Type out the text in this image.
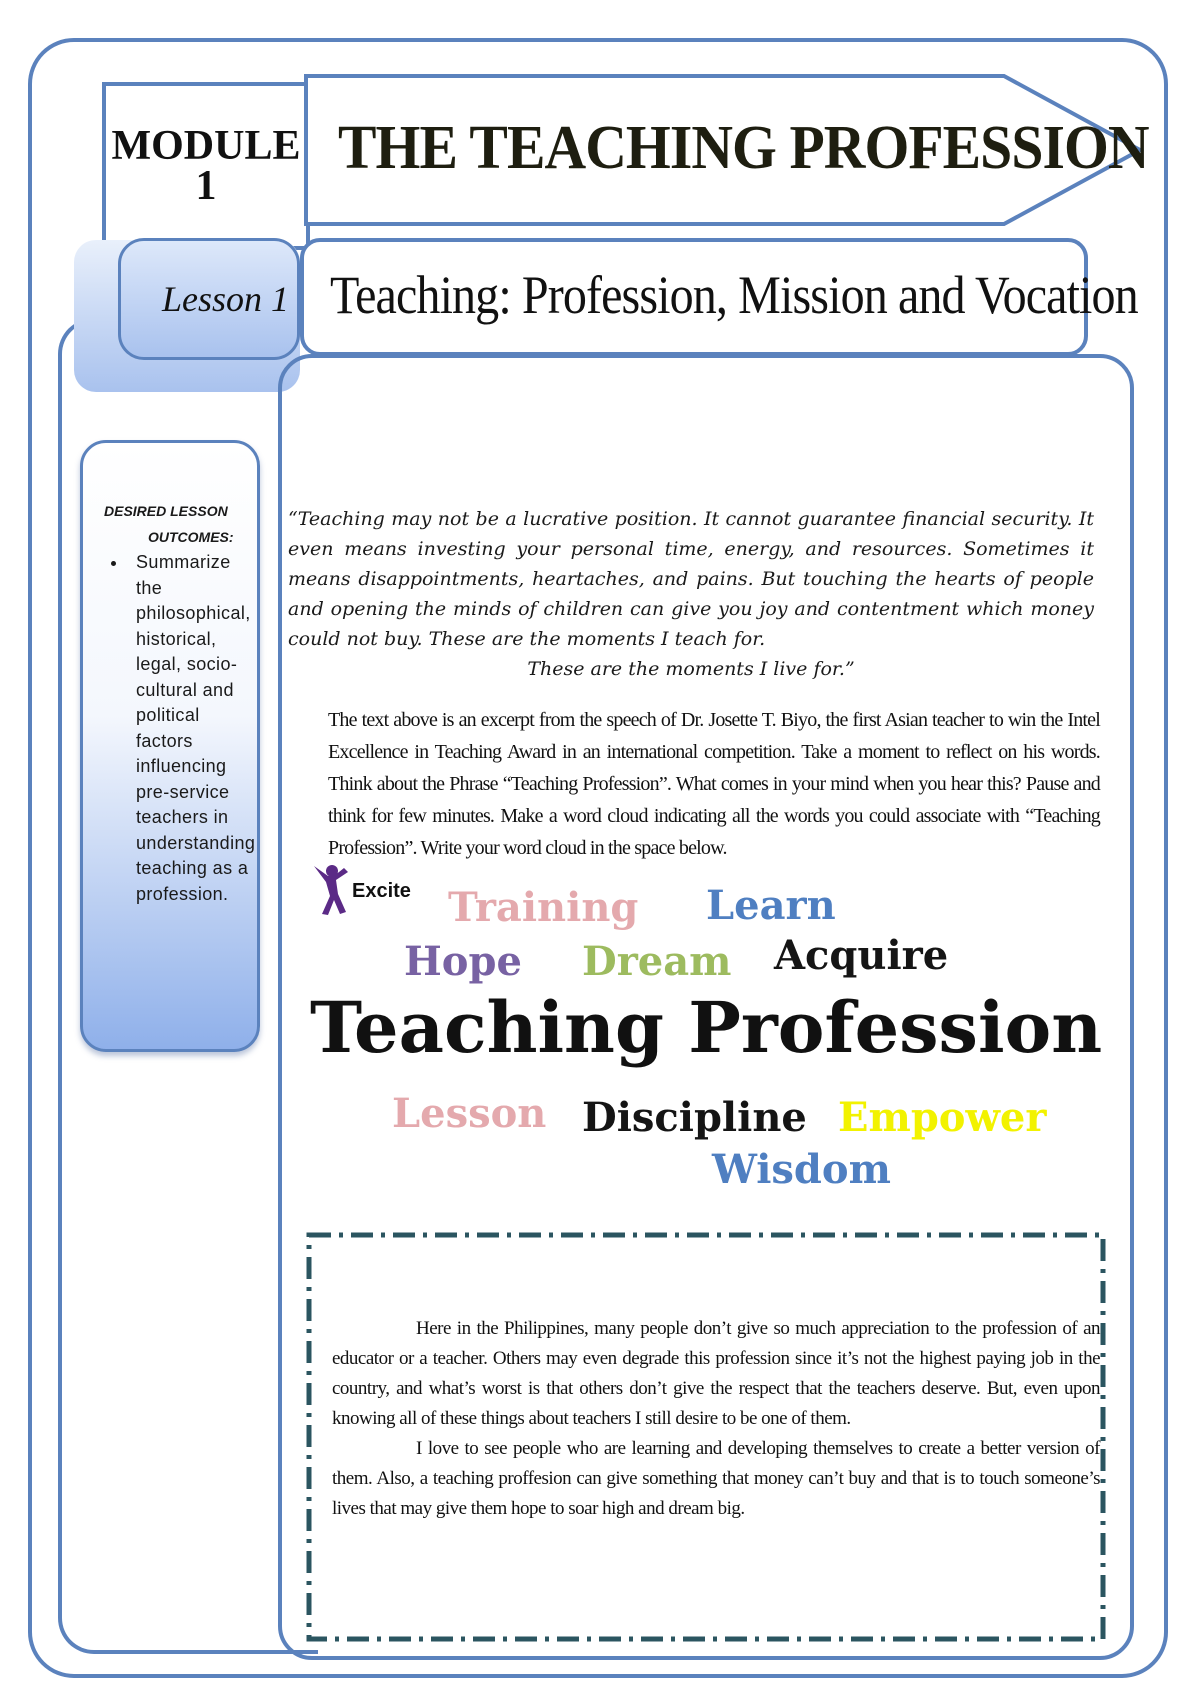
MODULE
1
THE TEACHING PROFESSION
Lesson 1 Teaching: Profession, Mission and Vocation
DESIRED LESSON
OUTCOMES:
• Summarize the philosophical, historical, legal, socio-cultural and political factors influencing pre-service teachers in understanding teaching as a profession.
“Teaching may not be a lucrative position. It cannot guarantee financial security. It even means investing your personal time, energy, and resources. Sometimes it means disappointments, heartaches, and pains. But touching the hearts of people and opening the minds of children can give you joy and contentment which money could not buy. These are the moments I teach for.
These are the moments I live for.”
The text above is an excerpt from the speech of Dr. Josette T. Biyo, the first Asian teacher to win the Intel Excellence in Teaching Award in an international competition. Take a moment to reflect on his words. Think about the Phrase “Teaching Profession”. What comes in your mind when you hear this? Pause and think for few minutes. Make a word cloud indicating all the words you could associate with “Teaching Profession”. Write your word cloud in the space below.
Excite Training Learn
Hope Dream Acquire
Teaching Profession
Lesson Discipline Empower
Wisdom

Here in the Philippines, many people don’t give so much appreciation to the profession of an educator or a teacher. Others may even degrade this profession since it’s not the highest paying job in the country, and what’s worst is that others don’t give the respect that the teachers deserve. But, even upon knowing all of these things about teachers I still desire to be one of them.

I love to see people who are learning and developing themselves to create a better version of them. Also, a teaching proffesion can give something that money can’t buy and that is to touch someone’s lives that may give them hope to soar high and dream big.
